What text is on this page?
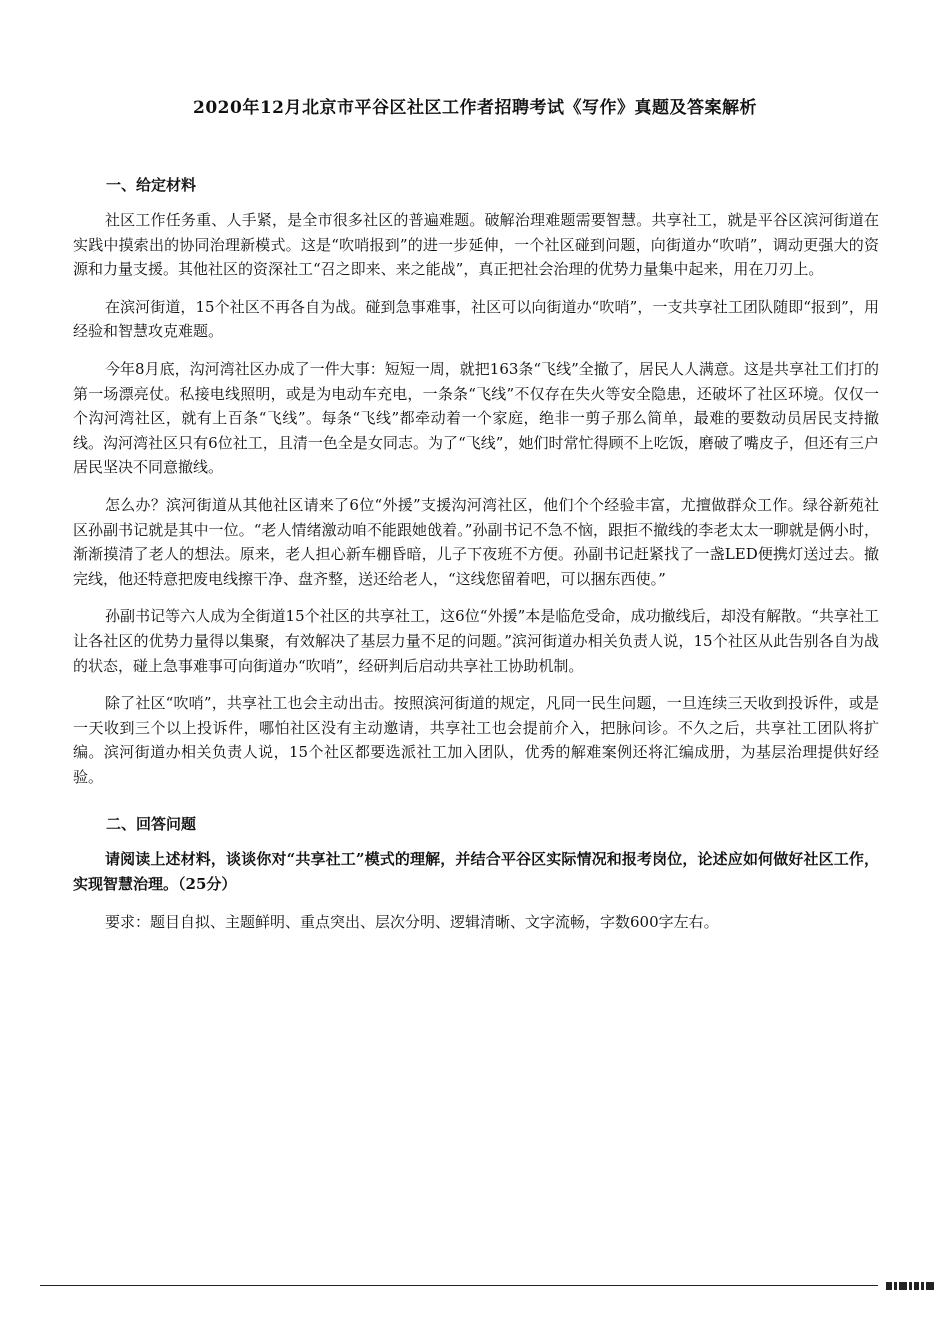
2020年12月北京市平谷区社区工作者招聘考试《写作》真题及答案解析
一、给定材料

社区工作任务重、人手紧，是全市很多社区的普遍难题。破解治理难题需要智慧。共享社工，就是平谷区滨河街道在实践中摸索出的协同治理新模式。这是“吹哨报到”的进一步延伸，一个社区碰到问题，向街道办“吹哨”，调动更强大的资源和力量支援。其他社区的资深社工“召之即来、来之能战”，真正把社会治理的优势力量集中起来，用在刀刃上。

在滨河街道，15个社区不再各自为战。碰到急事难事，社区可以向街道办“吹哨”，一支共享社工团队随即“报到”，用经验和智慧攻克难题。

今年8月底，沟河湾社区办成了一件大事：短短一周，就把163条“飞线”全撤了，居民人人满意。这是共享社工们打的第一场漂亮仗。私接电线照明，或是为电动车充电，一条条“飞线”不仅存在失火等安全隐患，还破坏了社区环境。仅仅一个沟河湾社区，就有上百条“飞线”。每条“飞线”都牵动着一个家庭，绝非一剪子那么简单，最难的要数动员居民支持撤线。沟河湾社区只有6位社工，且清一色全是女同志。为了“飞线”，她们时常忙得顾不上吃饭，磨破了嘴皮子，但还有三户居民坚决不同意撤线。

怎么办？滨河街道从其他社区请来了6位“外援”支援沟河湾社区，他们个个经验丰富，尤擅做群众工作。绿谷新苑社区孙副书记就是其中一位。“老人情绪激动咱不能跟她戗着。”孙副书记不急不恼，跟拒不撤线的李老太太一聊就是俩小时，渐渐摸清了老人的想法。原来，老人担心新车棚昏暗，儿子下夜班不方便。孙副书记赶紧找了一盏LED便携灯送过去。撤完线，他还特意把废电线擦干净、盘齐整，送还给老人，“这线您留着吧，可以捆东西使。”

孙副书记等六人成为全街道15个社区的共享社工，这6位“外援”本是临危受命，成功撤线后，却没有解散。“共享社工让各社区的优势力量得以集聚，有效解决了基层力量不足的问题。”滨河街道办相关负责人说，15个社区从此告别各自为战的状态，碰上急事难事可向街道办“吹哨”，经研判后启动共享社工协助机制。

除了社区“吹哨”，共享社工也会主动出击。按照滨河街道的规定，凡同一民生问题，一旦连续三天收到投诉件，或是一天收到三个以上投诉件，哪怕社区没有主动邀请，共享社工也会提前介入，把脉问诊。不久之后，共享社工团队将扩编。滨河街道办相关负责人说，15个社区都要选派社工加入团队，优秀的解难案例还将汇编成册，为基层治理提供好经验。

二、回答问题

请阅读上述材料，谈谈你对“共享社工”模式的理解，并结合平谷区实际情况和报考岗位，论述应如何做好社区工作，实现智慧治理。（25分）

要求：题目自拟、主题鲜明、重点突出、层次分明、逻辑清晰、文字流畅，字数600字左右。
